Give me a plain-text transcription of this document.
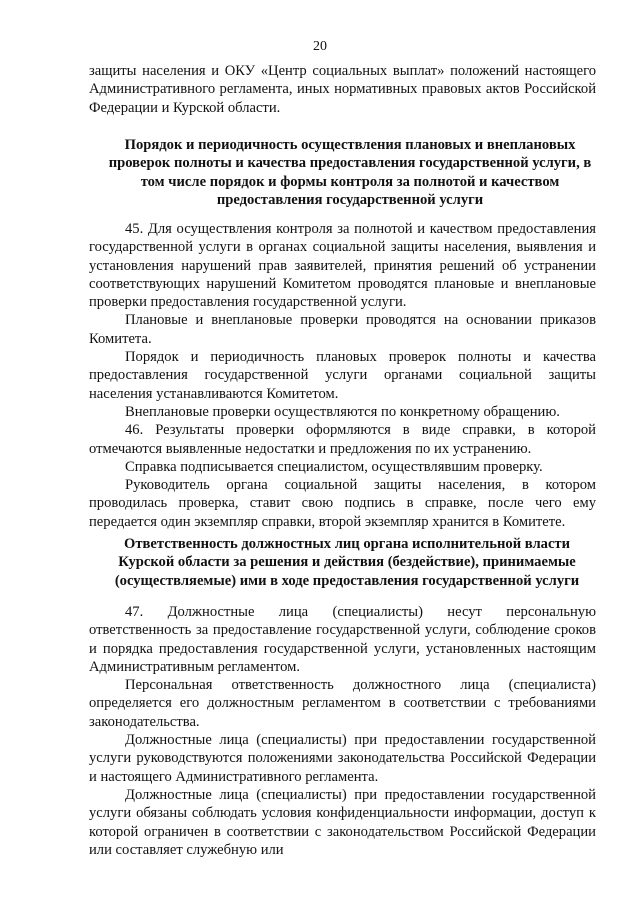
20

защиты населения и ОКУ «Центр социальных выплат» положений настоящего Административного регламента, иных нормативных правовых актов Российской Федерации и Курской области.

Порядок и периодичность осуществления плановых и внеплановых проверок полноты и качества предоставления государственной услуги, в том числе порядок и формы контроля за полнотой и качеством предоставления государственной услуги

45. Для осуществления контроля за полнотой и качеством предоставления государственной услуги в органах социальной защиты населения, выявления и установления нарушений прав заявителей, принятия решений об устранении соответствующих нарушений Комитетом проводятся плановые и внеплановые проверки предоставления государственной услуги.

Плановые и внеплановые проверки проводятся на основании приказов Комитета.

Порядок и периодичность плановых проверок полноты и качества предоставления государственной услуги органами социальной защиты населения устанавливаются Комитетом.

Внеплановые проверки осуществляются по конкретному обращению.

46. Результаты проверки оформляются в виде справки, в которой отмечаются выявленные недостатки и предложения по их устранению.

Справка подписывается специалистом, осуществлявшим проверку.

Руководитель органа социальной защиты населения, в котором проводилась проверка, ставит свою подпись в справке, после чего ему передается один экземпляр справки, второй экземпляр хранится в Комитете.

Ответственность должностных лиц органа исполнительной власти Курской области за решения и действия (бездействие), принимаемые (осуществляемые) ими в ходе предоставления государственной услуги

47. Должностные лица (специалисты) несут персональную ответственность за предоставление государственной услуги, соблюдение сроков и порядка предоставления государственной услуги, установленных настоящим Административным регламентом.

Персональная ответственность должностного лица (специалиста) определяется его должностным регламентом в соответствии с требованиями законодательства.

Должностные лица (специалисты) при предоставлении государственной услуги руководствуются положениями законодательства Российской Федерации и настоящего Административного регламента.

Должностные лица (специалисты) при предоставлении государственной услуги обязаны соблюдать условия конфиденциальности информации, доступ к которой ограничен в соответствии с законодательством Российской Федерации или составляет служебную или
